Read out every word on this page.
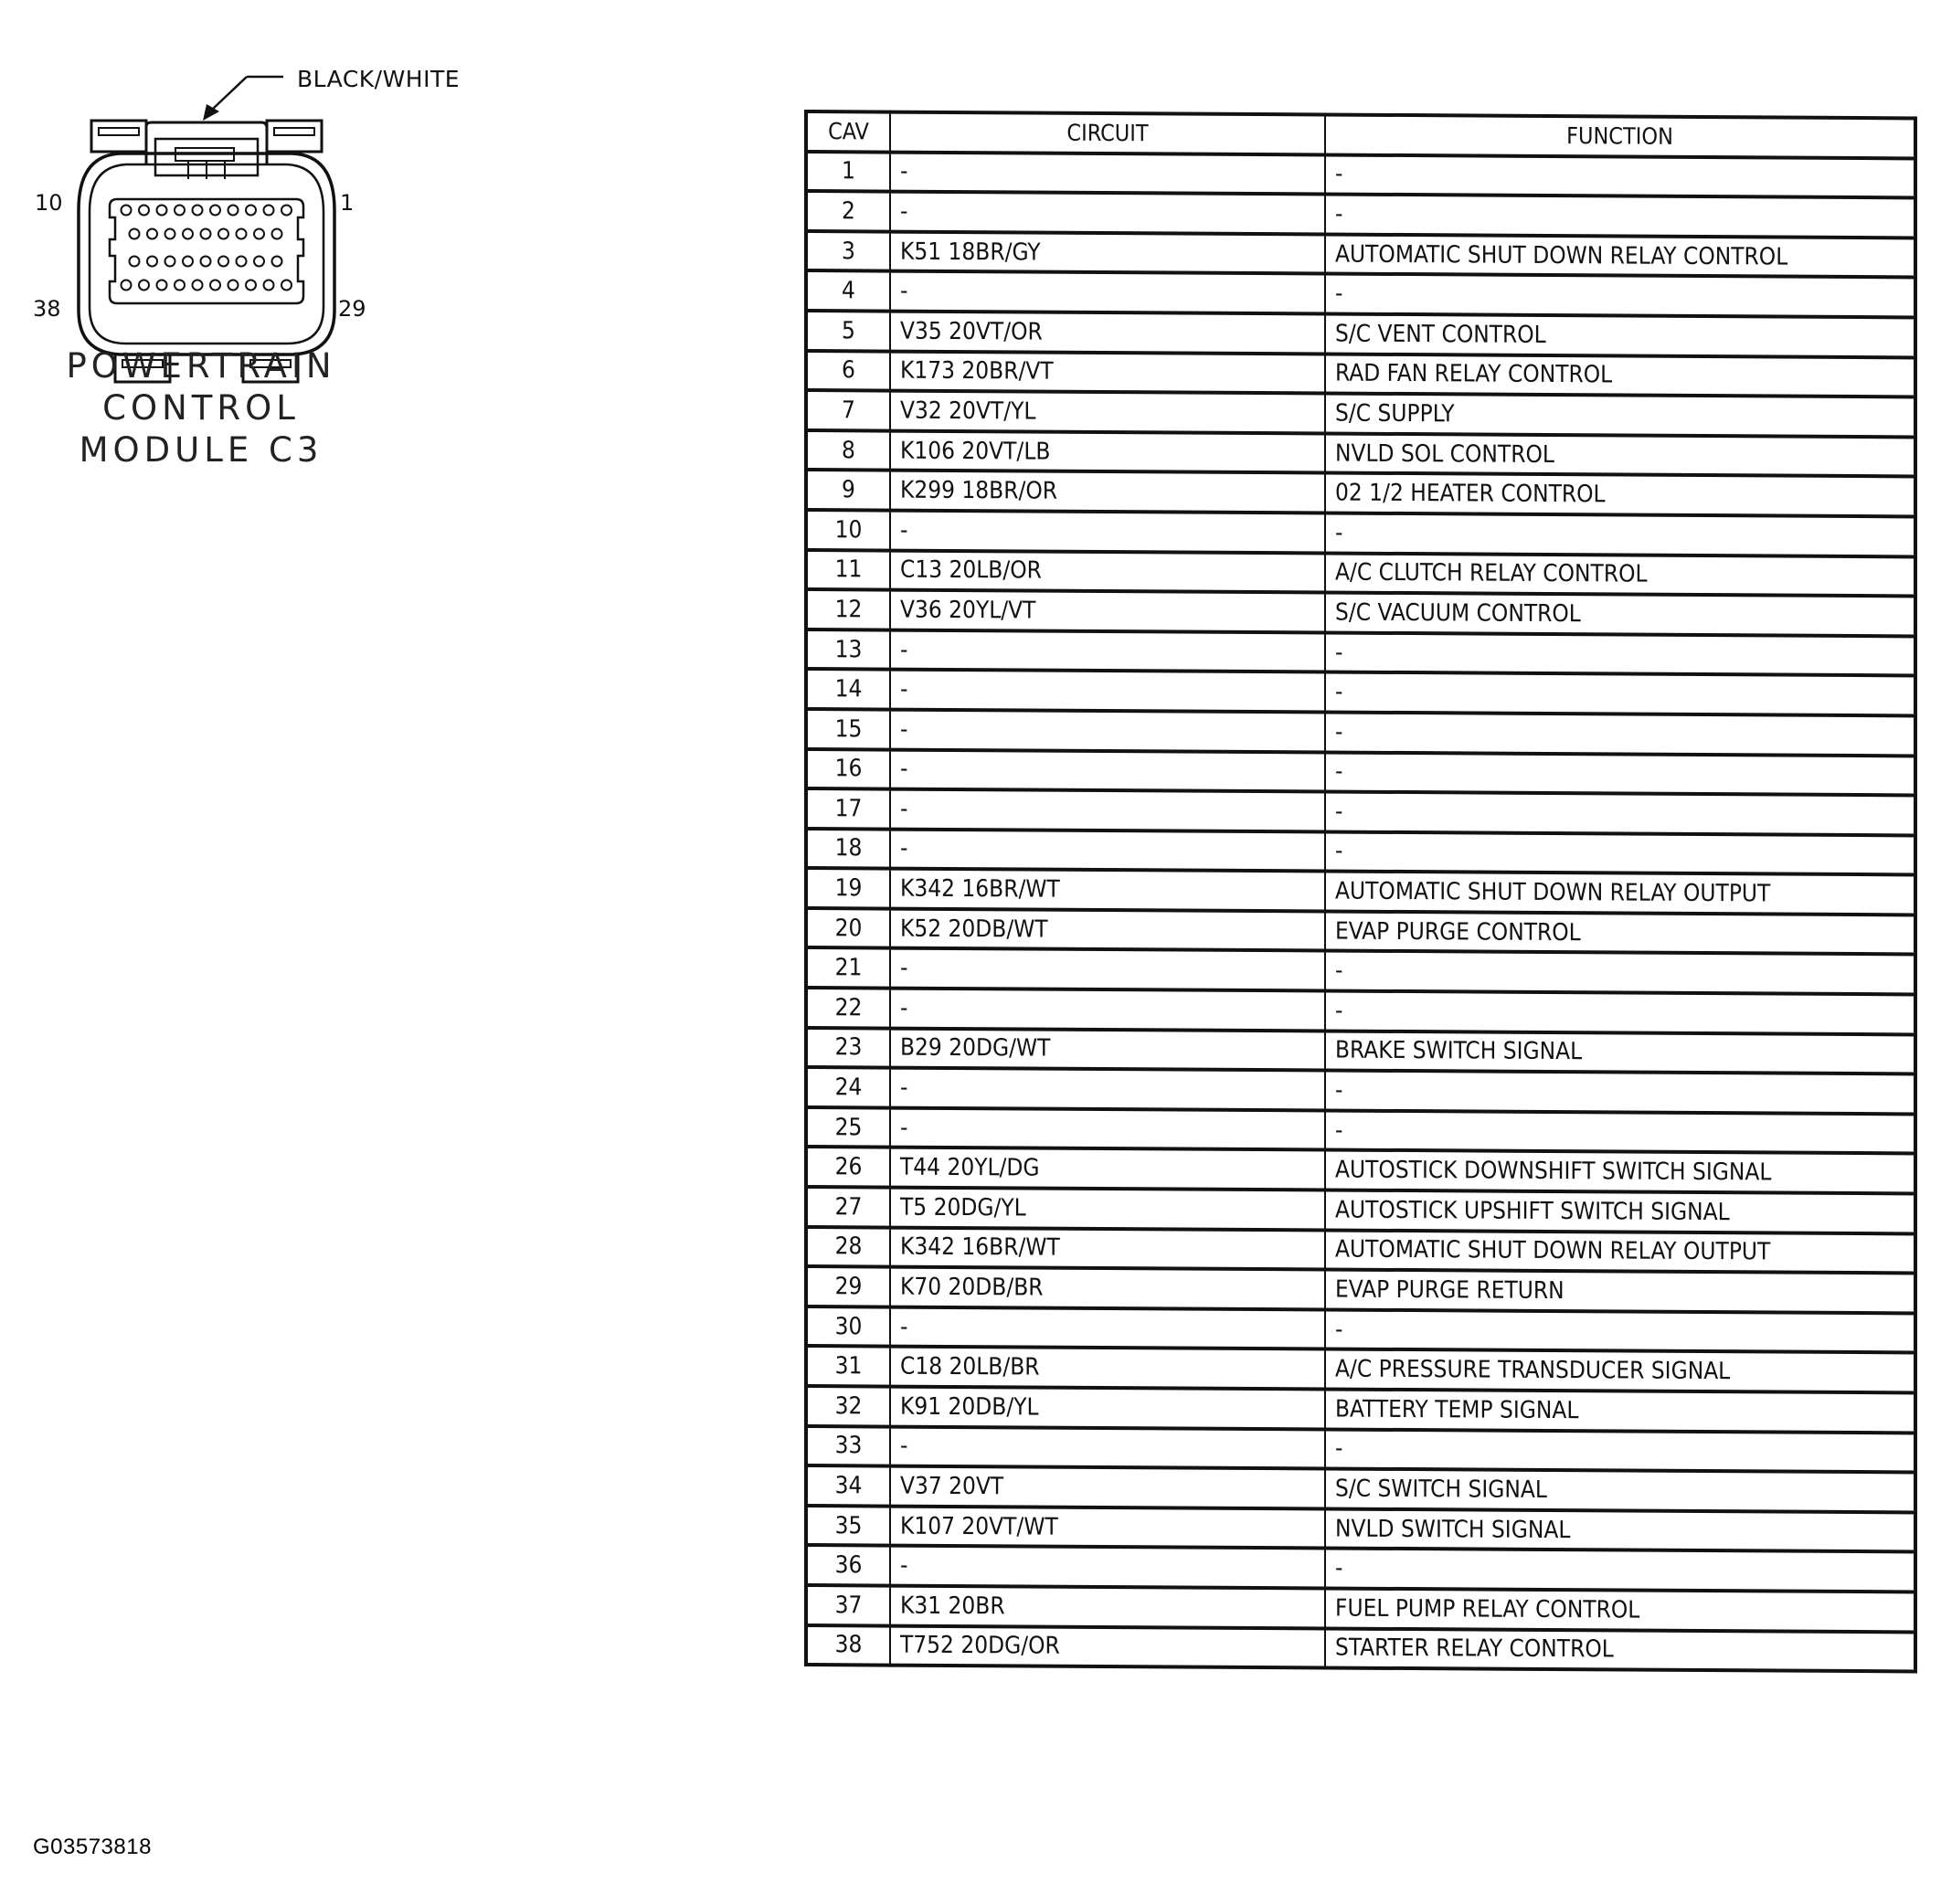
BLACK/WHITE
10	1
38	29
POWERTRAIN
CONTROL
MODULE C3
CAV	CIRCUIT	FUNCTION
1	-	-
2	-	-
3	K51 18BR/GY	AUTOMATIC SHUT DOWN RELAY CONTROL
4	-	-
5	V35 20VT/OR	S/C VENT CONTROL
6	K173 20BR/VT	RAD FAN RELAY CONTROL
7	V32 20VT/YL	S/C SUPPLY
8	K106 20VT/LB	NVLD SOL CONTROL
9	K299 18BR/OR	02 1/2 HEATER CONTROL
10	-	-
11	C13 20LB/OR	A/C CLUTCH RELAY CONTROL
12	V36 20YL/VT	S/C VACUUM CONTROL
13	-	-
14	-	-
15	-	-
16	-	-
17	-	-
18	-	-
19	K342 16BR/WT	AUTOMATIC SHUT DOWN RELAY OUTPUT
20	K52 20DB/WT	EVAP PURGE CONTROL
21	-	-
22	-	-
23	B29 20DG/WT	BRAKE SWITCH SIGNAL
24	-	-
25	-	-
26	T44 20YL/DG	AUTOSTICK DOWNSHIFT SWITCH SIGNAL
27	T5 20DG/YL	AUTOSTICK UPSHIFT SWITCH SIGNAL
28	K342 16BR/WT	AUTOMATIC SHUT DOWN RELAY OUTPUT
29	K70 20DB/BR	EVAP PURGE RETURN
30	-	-
31	C18 20LB/BR	A/C PRESSURE TRANSDUCER SIGNAL
32	K91 20DB/YL	BATTERY TEMP SIGNAL
33	-	-
34	V37 20VT	S/C SWITCH SIGNAL
35	K107 20VT/WT	NVLD SWITCH SIGNAL
36	-	-
37	K31 20BR	FUEL PUMP RELAY CONTROL
38	T752 20DG/OR	STARTER RELAY CONTROL
G03573818
